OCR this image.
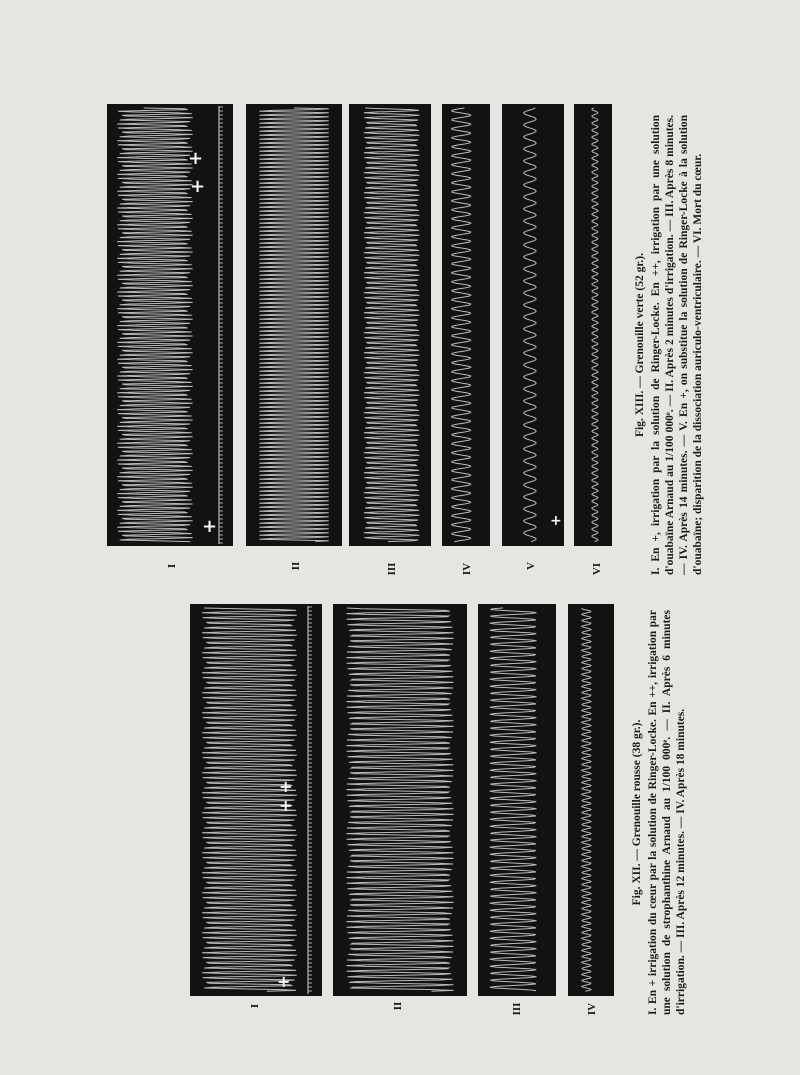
+
+
+	+
I	II	III	IV	V	VI
Fig. XIII. — Grenouille verte (52 gr.). I. En +, irrigation par la solution de Ringer-Locke. En ++, irrigation par une solution d'ouabaïne Arnaud au 1/100 000ᵉ. — II. Après 2 minutes d'irrigation. — III. Après 8 minutes. — IV. Après 14 minutes. — V. En +, on substitue la solution de Ringer-Locke à la solution d'ouabaïne; disparition de la dissociation auriculo-ventriculaire. — VI. Mort du cœur.
+
+
+
I	II	III	IV
Fig. XII. — Grenouille rousse (38 gr.). I. En + irrigation du cœur par la solution de Ringer-Locke. En ++, irrigation par une solution de strophanthine Arnaud au 1/100 000ᵉ. — II. Après 6 minutes d'irrigation. — III. Après 12 minutes. — IV. Après 18 minutes.
